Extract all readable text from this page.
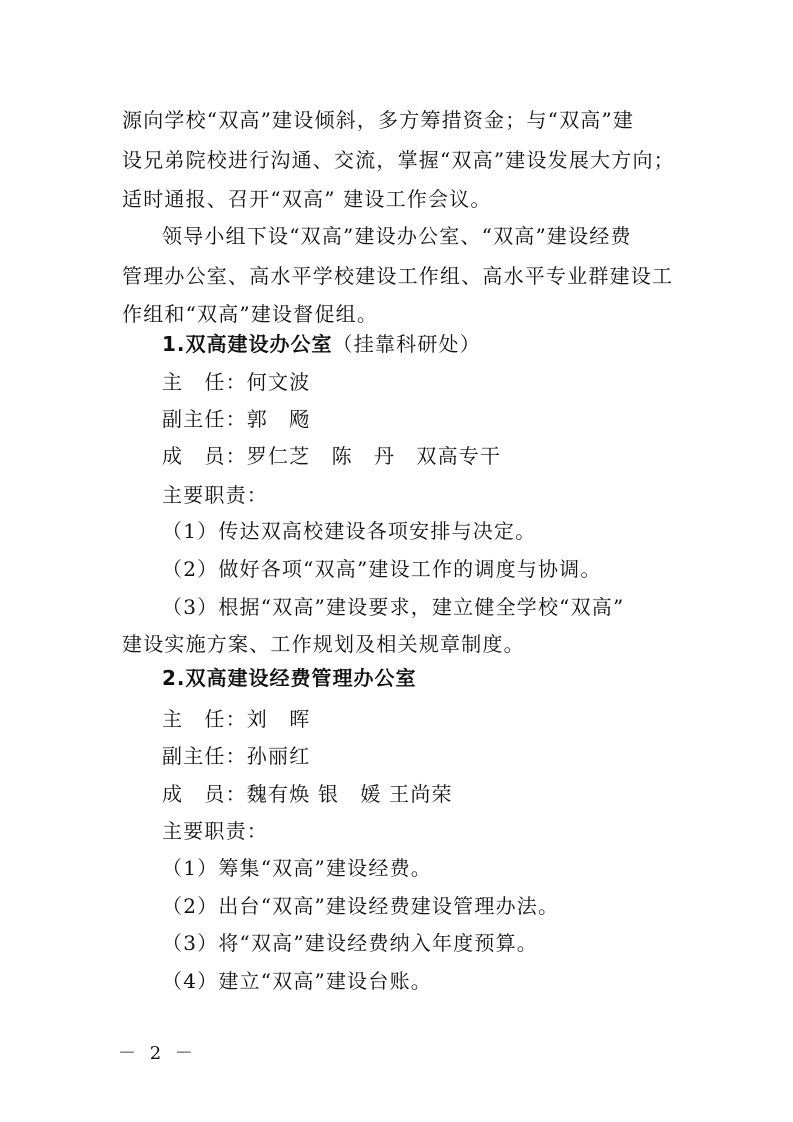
源向学校“双高”建设倾斜，多方筹措资金；与“双高”建
设兄弟院校进行沟通、交流，掌握“双高”建设发展大方向；
适时通报、召开“双高” 建设工作会议。
领导小组下设“双高”建设办公室、“双高”建设经费
管理办公室、高水平学校建设工作组、高水平专业群建设工
作组和“双高”建设督促组。
1.双高建设办公室（挂靠科研处）
主　任：何文波
副主任：郭　飏
成　员：罗仁芝　陈　丹　双高专干
主要职责：
（1）传达双高校建设各项安排与决定。
（2）做好各项“双高”建设工作的调度与协调。
（3）根据“双高”建设要求，建立健全学校“双高”
建设实施方案、工作规划及相关规章制度。
2.双高建设经费管理办公室
主　任：刘　晖
副主任：孙丽红
成　员：魏有焕 银　媛 王尚荣
主要职责：
（1）筹集“双高”建设经费。
（2）出台“双高”建设经费建设管理办法。
（3）将“双高”建设经费纳入年度预算。
（4）建立“双高”建设台账。
－ 2 －
